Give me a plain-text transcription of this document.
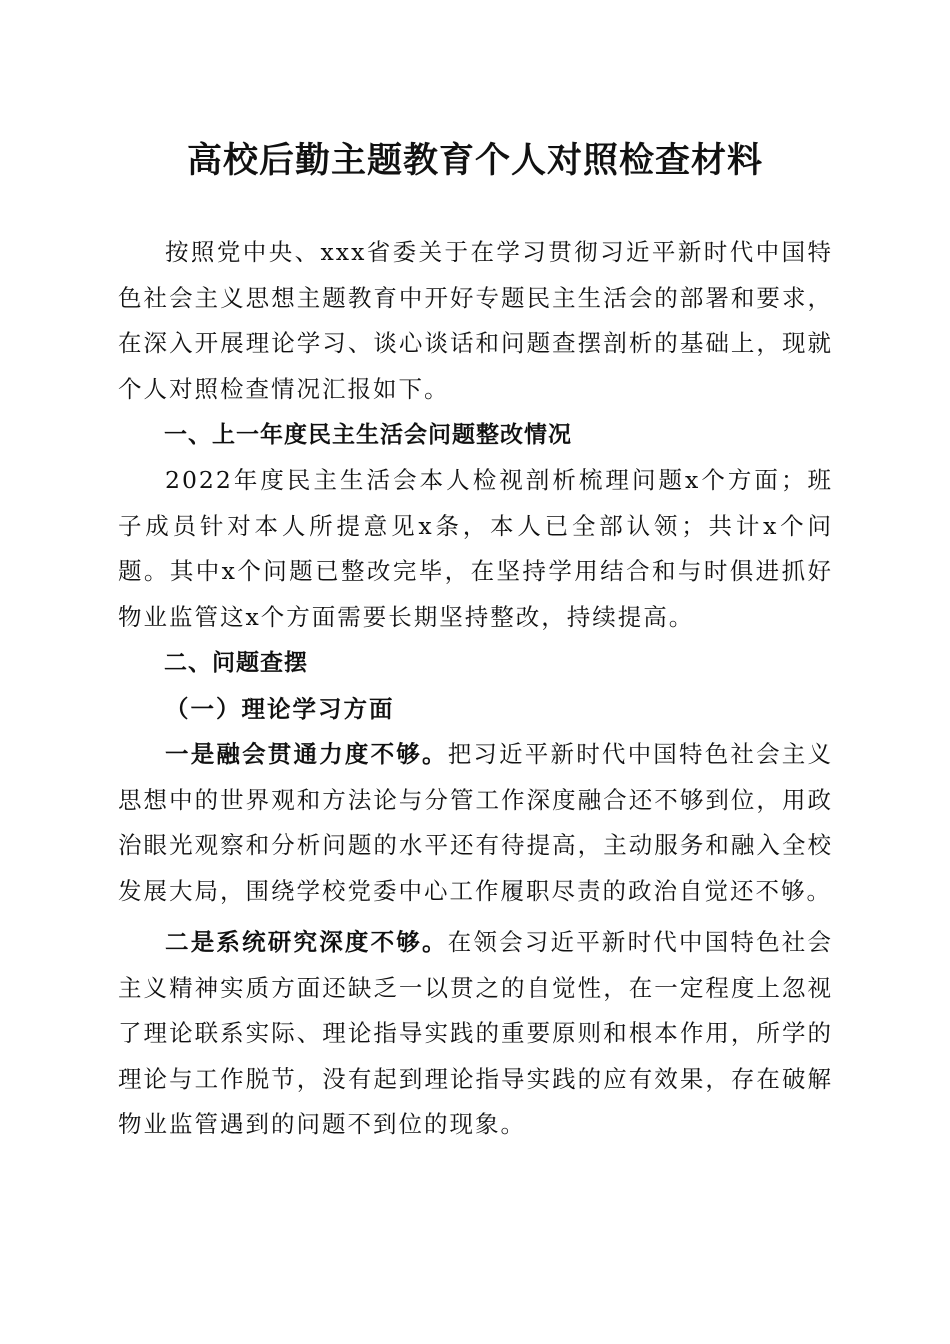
高校后勤主题教育个人对照检查材料

按照党中央、xxx省委关于在学习贯彻习近平新时代中国特色社会主义思想主题教育中开好专题民主生活会的部署和要求，在深入开展理论学习、谈心谈话和问题查摆剖析的基础上，现就个人对照检查情况汇报如下。

一、上一年度民主生活会问题整改情况

2022年度民主生活会本人检视剖析梳理问题x个方面；班子成员针对本人所提意见x条，本人已全部认领；共计x个问题。其中x个问题已整改完毕，在坚持学用结合和与时俱进抓好物业监管这x个方面需要长期坚持整改，持续提高。

二、问题查摆
（一）理论学习方面

一是融会贯通力度不够。把习近平新时代中国特色社会主义思想中的世界观和方法论与分管工作深度融合还不够到位，用政治眼光观察和分析问题的水平还有待提高，主动服务和融入全校发展大局，围绕学校党委中心工作履职尽责的政治自觉还不够。

二是系统研究深度不够。在领会习近平新时代中国特色社会主义精神实质方面还缺乏一以贯之的自觉性，在一定程度上忽视了理论联系实际、理论指导实践的重要原则和根本作用，所学的理论与工作脱节，没有起到理论指导实践的应有效果，存在破解物业监管遇到的问题不到位的现象。
